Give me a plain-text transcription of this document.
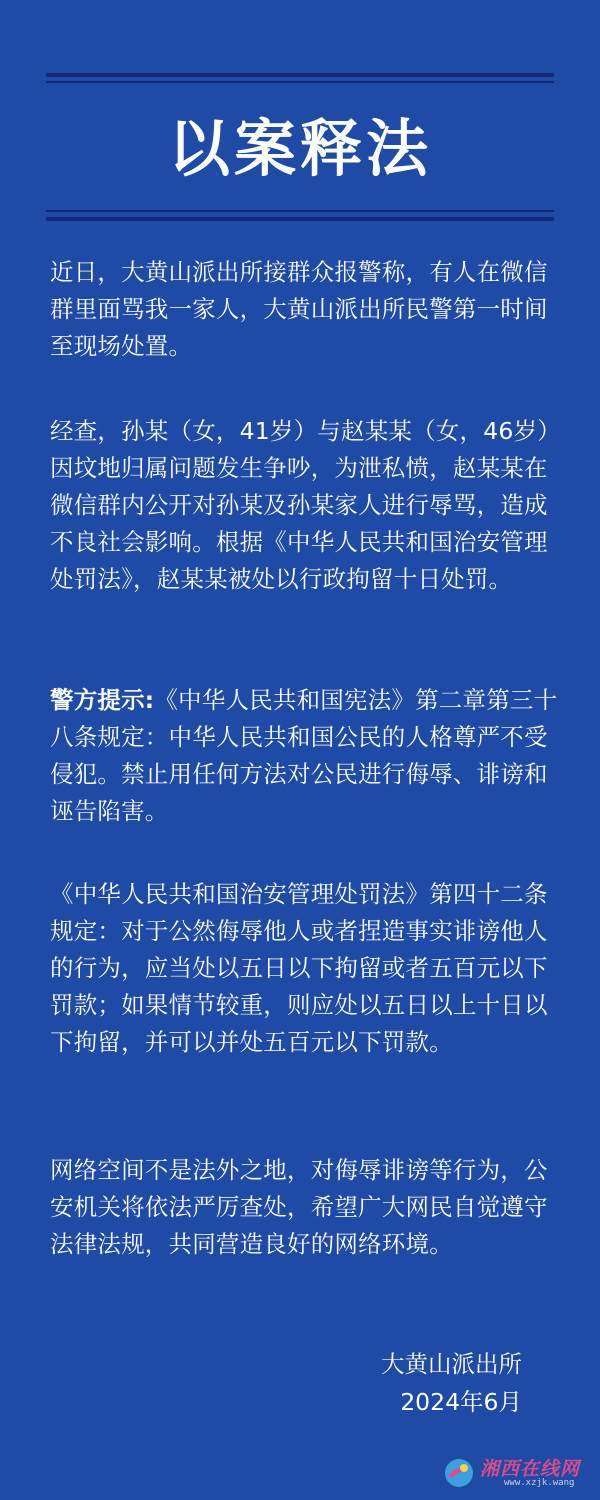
以案释法
近日，大黄山派出所接群众报警称，有人在微信群里面骂我一家人，大黄山派出所民警第一时间至现场处置。
经查，孙某（女，41岁）与赵某某（女，46岁）因坟地归属问题发生争吵，为泄私愤，赵某某在微信群内公开对孙某及孙某家人进行辱骂，造成不良社会影响。根据《中华人民共和国治安管理处罚法》，赵某某被处以行政拘留十日处罚。
警方提示:《中华人民共和国宪法》第二章第三十八条规定：中华人民共和国公民的人格尊严不受侵犯。禁止用任何方法对公民进行侮辱、诽谤和诬告陷害。
《中华人民共和国治安管理处罚法》第四十二条规定：对于公然侮辱他人或者捏造事实诽谤他人的行为，应当处以五日以下拘留或者五百元以下罚款；如果情节较重，则应处以五日以上十日以下拘留，并可以并处五百元以下罚款。
网络空间不是法外之地，对侮辱诽谤等行为，公安机关将依法严厉查处，希望广大网民自觉遵守法律法规，共同营造良好的网络环境。
大黄山派出所
2024年6月
湘西在线网
www.xzjk.wang
